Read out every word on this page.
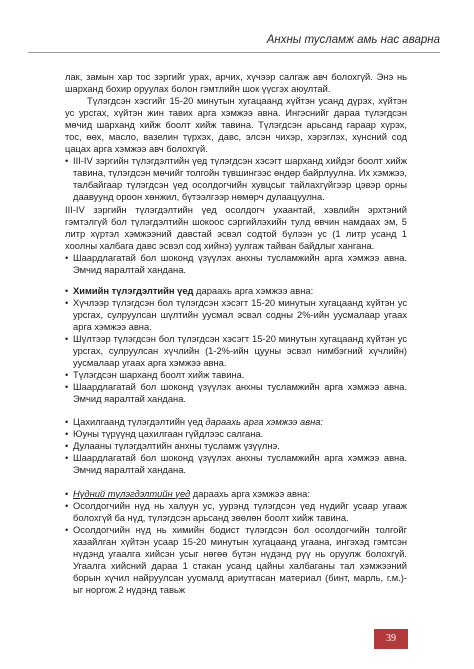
Анхны тусламж амь нас аварна

лак, замын хар тос зэргийг урах, арчих, хүчээр салгаж авч болохгүй. Энэ нь шарханд бохир оруулах болон гэмтлийн шок үүсгэх аюултай.

Түлэгдсэн хэсгийг 15-20 минутын хугацаанд хүйтэн усанд дүрэх, хүйтэн ус урсгах, хүйтэн жин тавих арга хэмжээ авна. Ингэснийг дараа түлэгдсэн мөчид шарханд хийж боолт хийж тавина. Түлэгдсэн арьсанд гараар хүрэх, тос, өөх, масло, вазелин түрхэх, давс, элсэн чихэр, хэрэглэх, хүнсний сод цацах арга хэмжээ авч болохгүй.

• III-IV зэргийн түлэгдэлтийн үед түлэгдсэн хэсэгт шарханд хийдэг боолт хийж тавина, түлэгдсэн мөчийг толгойн түвшингээс өндөр байрлуулна. Их хэмжээ, талбайгаар түлэгдсэн үед осолдогчийн хувцсыг тайлахгүйгээр цэвэр орны даавуунд ороон хөнжил, бүтээлгээр нөмөрч дулаацуулна.

III-IV зэргийн түлэгдэлтийн үед осолдогч ухаантай, хэвлийн эрхтэний гэмтэлгүй бол түлэгдэлтийн шокоос сэргийлэхийн тулд өвчин намдаах эм, 5 литр хүртэл хэмжээний давстай эсвэл содтой бүлээн ус (1 литр усанд 1 хоолны халбага давс эсвэл сод хийнэ) уулгаж тайван байдлыг хангана.

• Шаардлагатай бол шоконд үзүүлэх анхны тусламжийн арга хэмжээ авна. Эмчид яаралтай хандана.

• Химийн түлэгдэлтийн үед дараахь арга хэмжээ авна:

• Хүчлээр түлэгдсэн бол түлэгдсэн хэсэгт 15-20 минутын хугацаанд хүйтэн ус урсгах, сулруулсан шүлтийн уусмал эсвэл содны 2%-ийн уусмалаар угаах арга хэмжээ авна.

• Шүлтээр түлэгдсэн бол түлэгдсэн хэсэгт 15-20 минутын хугацаанд хүйтэн ус урсгах, сулруулсан хүчлийн (1-2%-ийн цууны эсвэл нимбэгний хүчлийн) уусмалаар угаах арга хэмжээ авна.

• Түлэгдсэн шарханд боолт хийж тавина.

• Шаардлагатай бол шоконд үзүүлэх анхны тусламжийн арга хэмжээ авна. Эмчид яаралтай хандана.

• Цахилгаанд түлэгдэлтийн үед дараахь арга хэмжээ авна:

• Юуны түрүүнд цахилгаан гүйдлээс салгана.

• Дулааны түлэгдэлтийн анхны тусламж үзүүлнэ.

• Шаардлагатай бол шоконд үзүүлэх анхны тусламжийн арга хэмжээ авна. Эмчид яаралтай хандана.

• Нүдний түлэгдэлтийн үед дараахь арга хэмжээ авна:

• Осолдогчийн нүд нь халуун ус, уурэнд түлэгдсэн үед нүдийг усаар угааж болохгүй ба нүд, түлэгдсэн арьсанд зөөлөн боолт хийж тавина.

• Осолдогчийн нүд нь химийн бодист түлэгдсэн бол осолдогчийн толгойг хазайлган хүйтэн усаар 15-20 минутын хугацаанд угаана, ингэхэд гэмтсэн нүдэнд угаалга хийсэн усыг нөгөө бүтэн нүдэнд рүү нь оруулж болохгүй. Угаалга хийсний дараа 1 стакан усанд цайны халбаганы тал хэмжээний борын хүчил найруулсан уусмалд ариутгасан материал (бинт, марль, г.м.)-ыг норгож 2 нүдэнд тавьж

39
